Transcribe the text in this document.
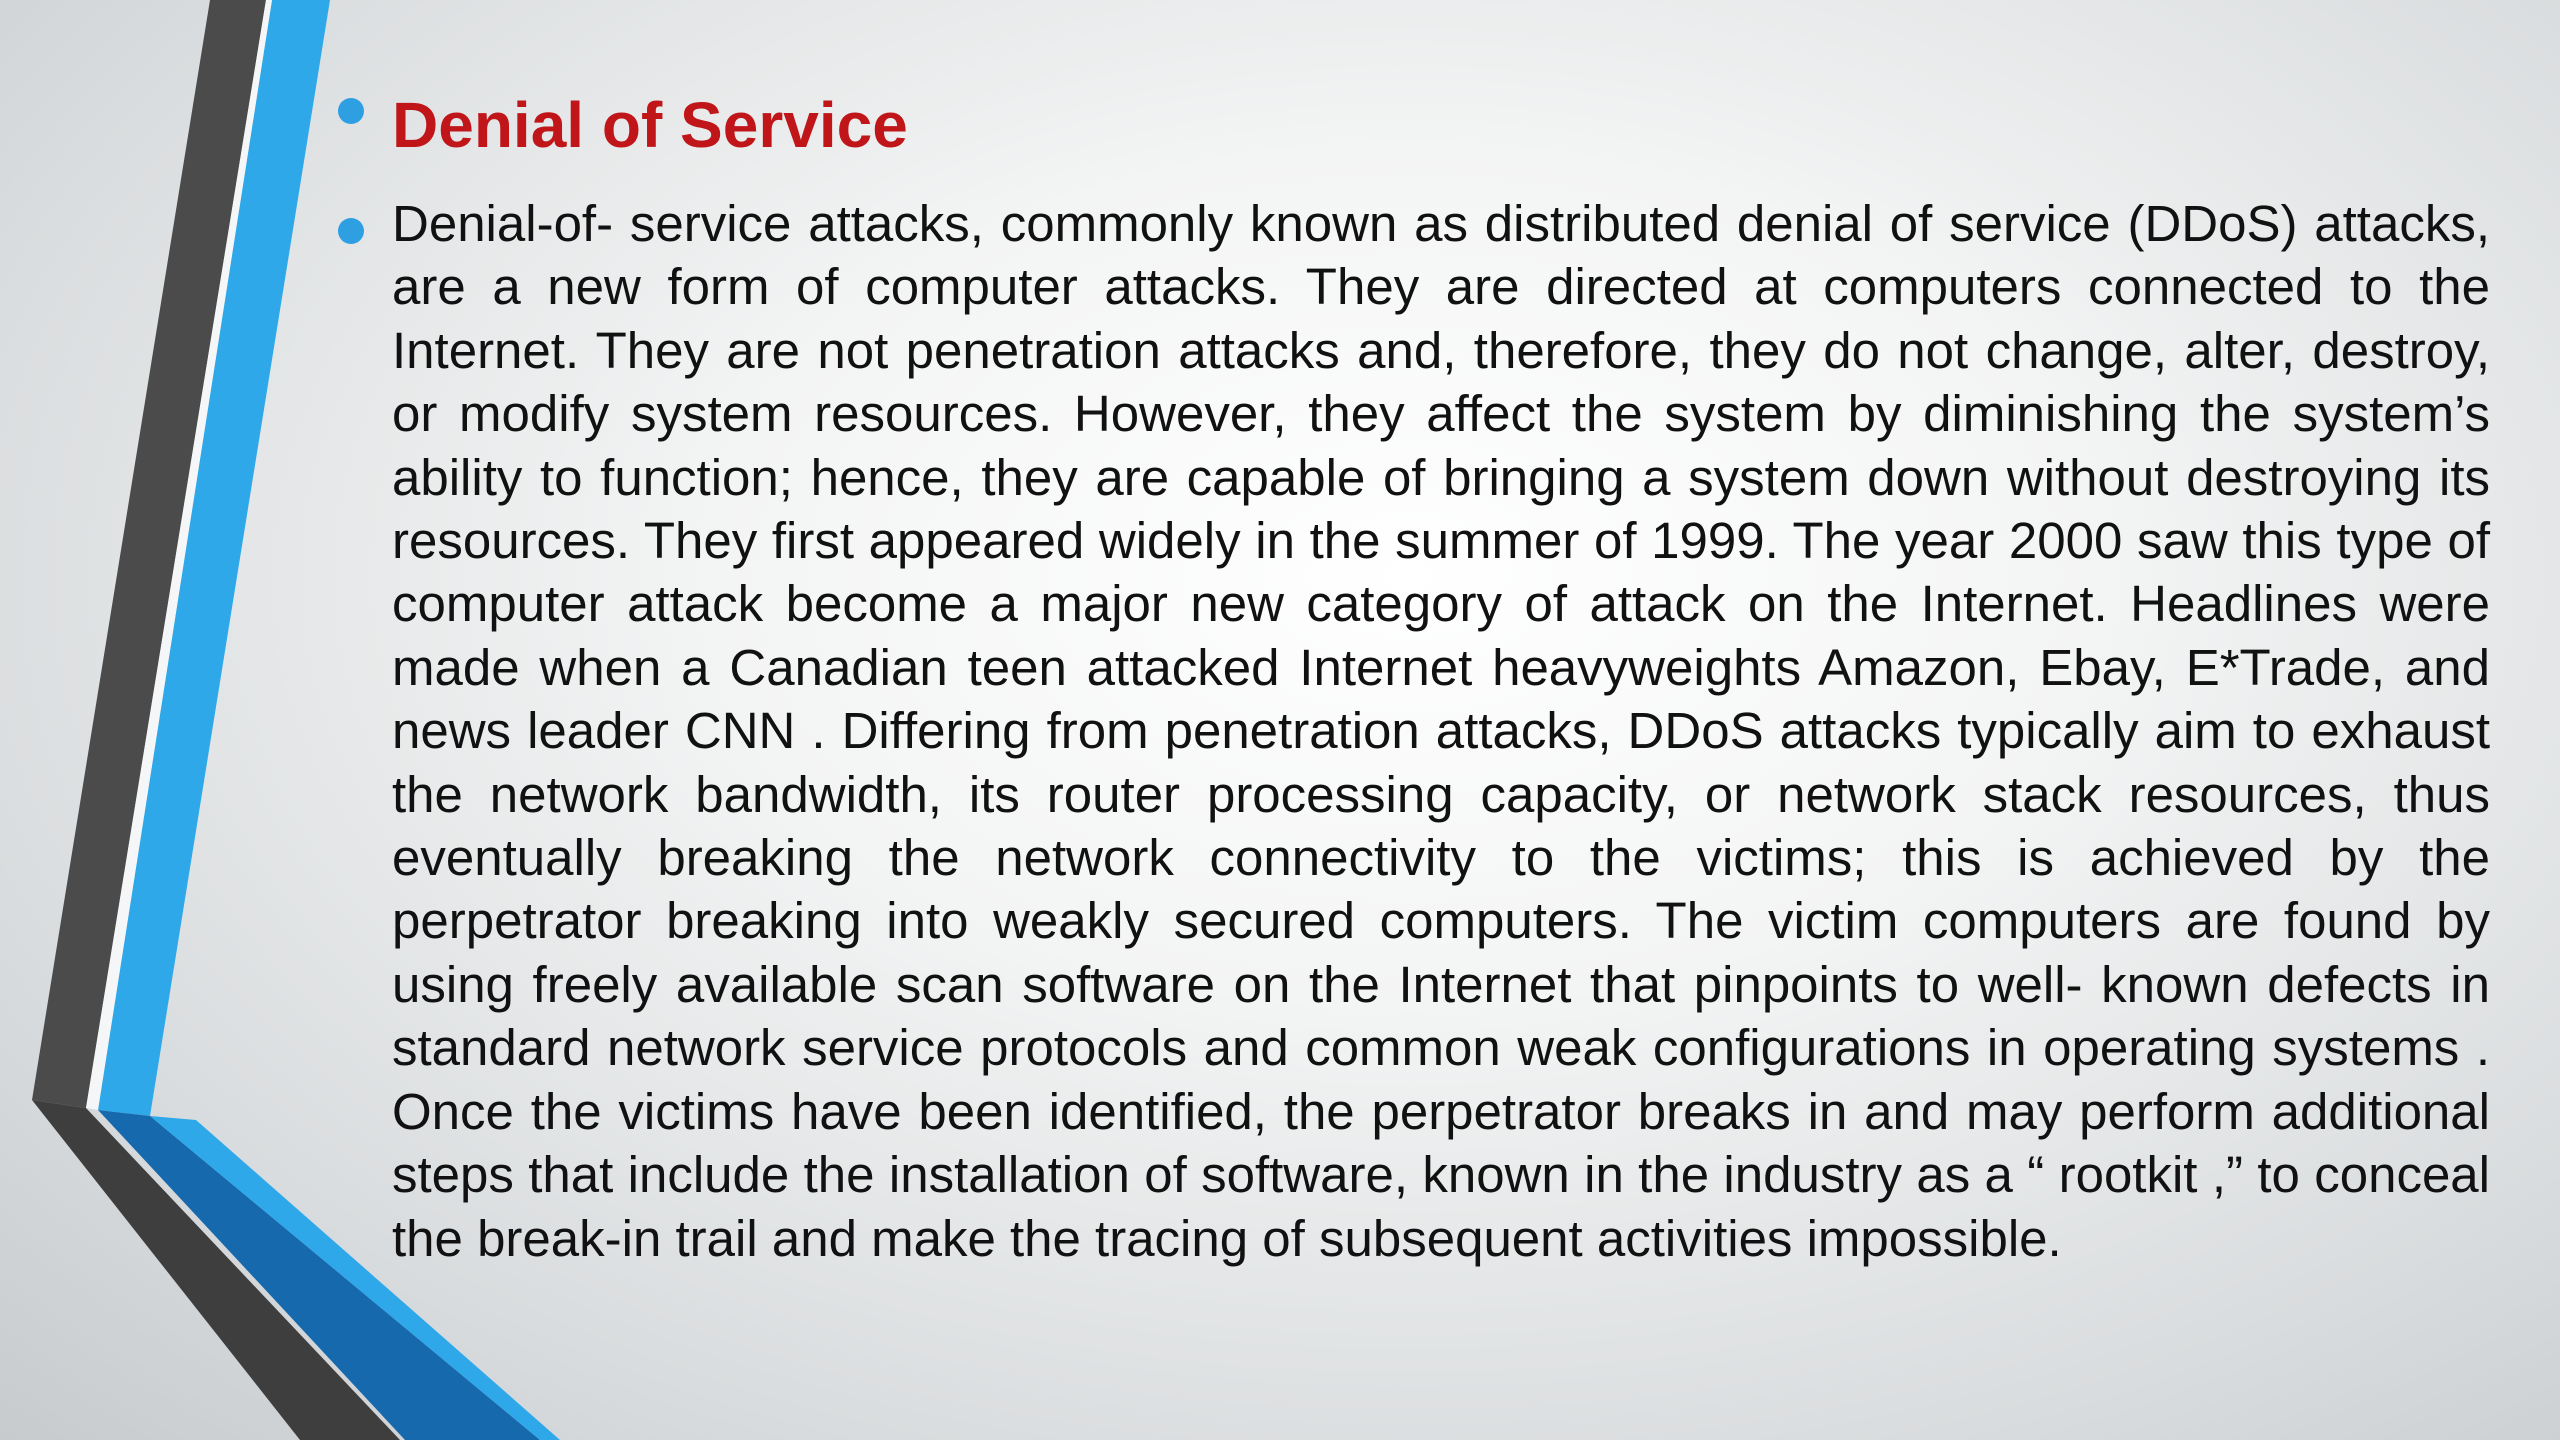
Denial of Service

Denial-of- service attacks, commonly known as distributed denial of service (DDoS) attacks, are a new form of computer attacks. They are directed at computers connected to the Internet. They are not penetration attacks and, therefore, they do not change, alter, destroy, or modify system resources. However, they affect the system by diminishing the system’s ability to function; hence, they are capable of bringing a system down without destroying its resources. They first appeared widely in the summer of 1999. The year 2000 saw this type of computer attack become a major new category of attack on the Internet. Headlines were made when a Canadian teen attacked Internet heavyweights Amazon, Ebay, E*Trade, and news leader CNN . Differing from penetration attacks, DDoS attacks typically aim to exhaust the network bandwidth, its router processing capacity, or network stack resources, thus eventually breaking the network connectivity to the victims; this is achieved by the perpetrator breaking into weakly secured computers. The victim computers are found by using freely available scan software on the Internet that pinpoints to well- known defects in standard network service protocols and common weak configurations in operating systems . Once the victims have been identified, the perpetrator breaks in and may perform additional steps that include the installation of software, known in the industry as a “ rootkit ,” to conceal the break-in trail and make the tracing of subsequent activities impossible.
